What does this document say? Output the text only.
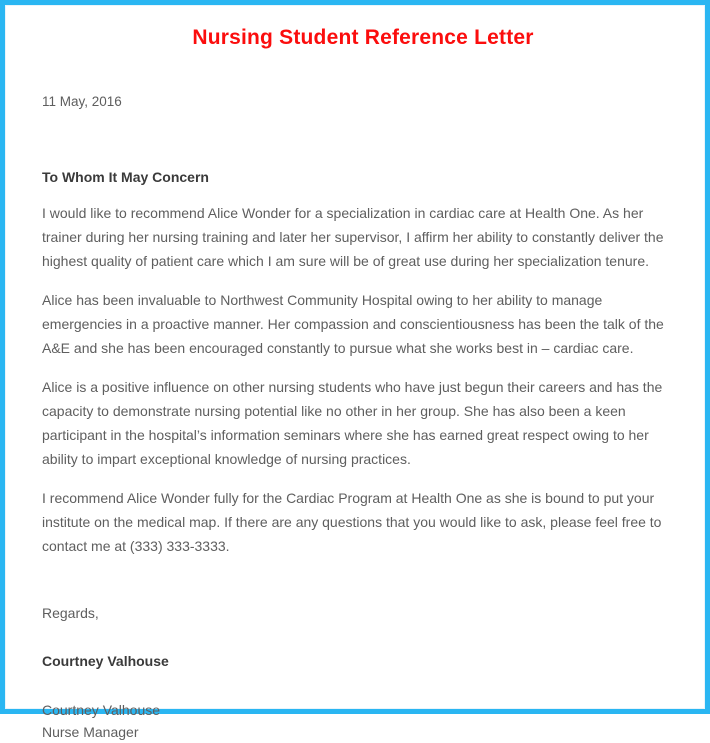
Nursing Student Reference Letter

11 May, 2016

To Whom It May Concern

I would like to recommend Alice Wonder for a specialization in cardiac care at Health One. As her trainer during her nursing training and later her supervisor, I affirm her ability to constantly deliver the highest quality of patient care which I am sure will be of great use during her specialization tenure.

Alice has been invaluable to Northwest Community Hospital owing to her ability to manage emergencies in a proactive manner. Her compassion and conscientiousness has been the talk of the A&E and she has been encouraged constantly to pursue what she works best in – cardiac care.

Alice is a positive influence on other nursing students who have just begun their careers and has the capacity to demonstrate nursing potential like no other in her group. She has also been a keen participant in the hospital’s information seminars where she has earned great respect owing to her ability to impart exceptional knowledge of nursing practices.

I recommend Alice Wonder fully for the Cardiac Program at Health One as she is bound to put your institute on the medical map. If there are any questions that you would like to ask, please feel free to contact me at (333) 333-3333.

Regards,

Courtney Valhouse

Courtney Valhouse

Nurse Manager
